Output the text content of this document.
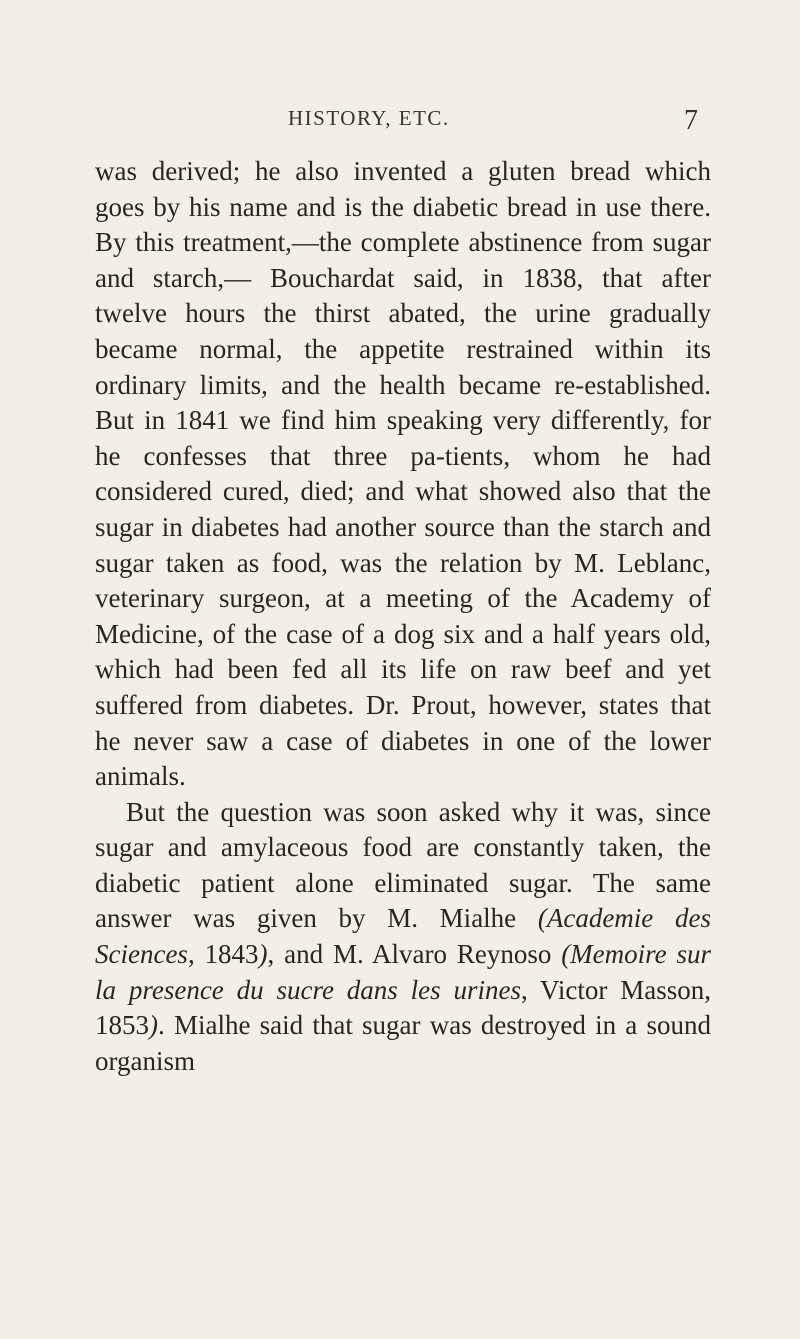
HISTORY, ETC.	7

was derived; he also invented a gluten bread which goes by his name and is the diabetic bread in use there. By this treatment,—the complete abstinence from sugar and starch,— Bouchardat said, in 1838, that after twelve hours the thirst abated, the urine gradually became normal, the appetite restrained within its ordinary limits, and the health became re-established. But in 1841 we find him speaking very differently, for he confesses that three pa-tients, whom he had considered cured, died; and what showed also that the sugar in diabetes had another source than the starch and sugar taken as food, was the relation by M. Leblanc, veterinary surgeon, at a meeting of the Academy of Medicine, of the case of a dog six and a half years old, which had been fed all its life on raw beef and yet suffered from diabetes. Dr. Prout, however, states that he never saw a case of diabetes in one of the lower animals.

But the question was soon asked why it was, since sugar and amylaceous food are constantly taken, the diabetic patient alone eliminated sugar. The same answer was given by M. Mialhe (Academie des Sciences, 1843), and M. Alvaro Reynoso (Memoire sur la presence du sucre dans les urines, Victor Masson, 1853). Mialhe said that sugar was destroyed in a sound organism
